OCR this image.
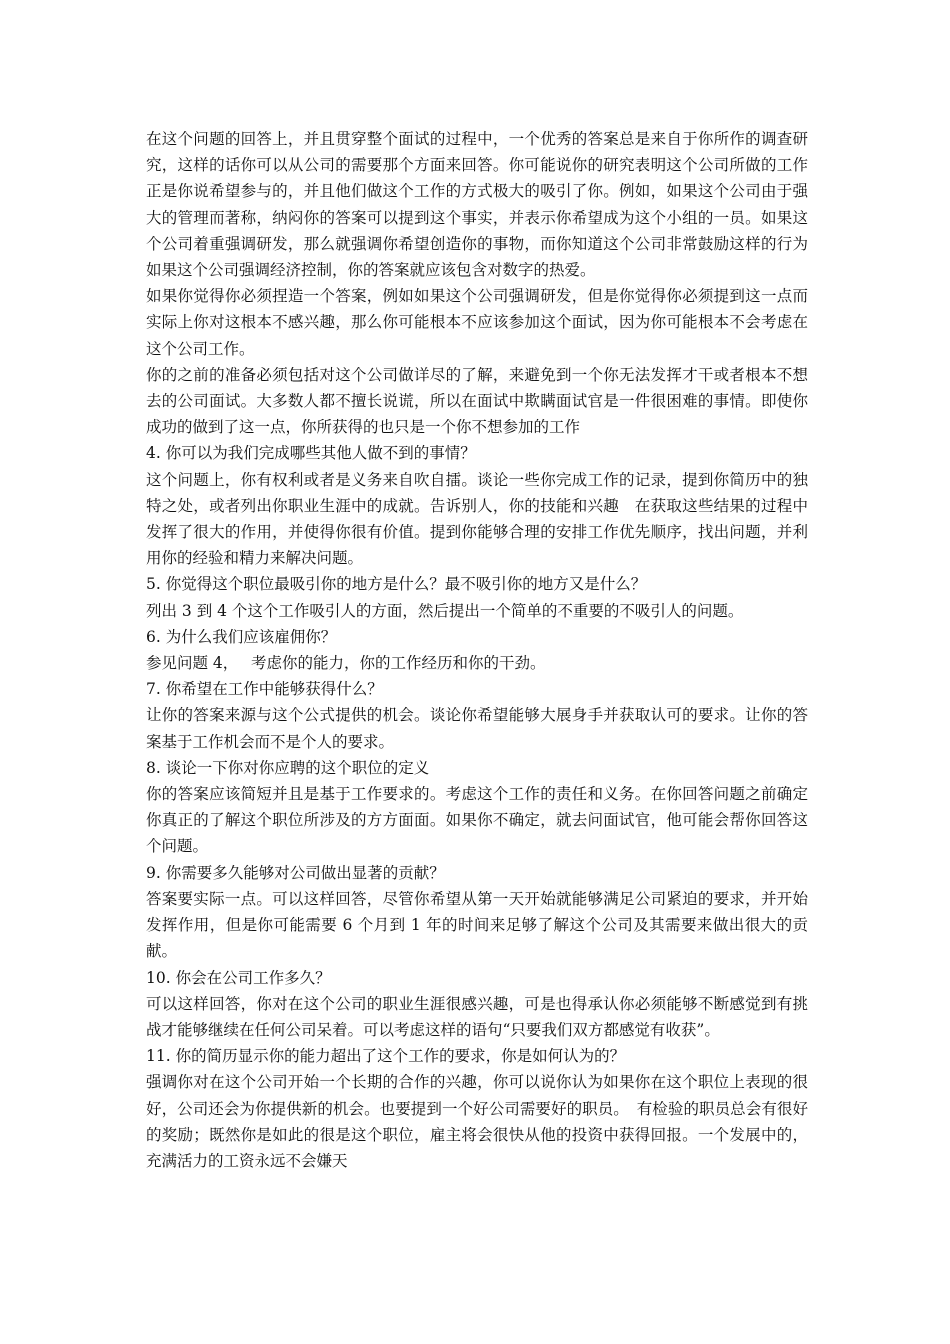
在这个问题的回答上，并且贯穿整个面试的过程中，一个优秀的答案总是来自于你所作的调查研究，这样的话你可以从公司的需要那个方面来回答。你可能说你的研究表明这个公司所做的工作正是你说希望参与的，并且他们做这个工作的方式极大的吸引了你。例如，如果这个公司由于强大的管理而著称，纳闷你的答案可以提到这个事实，并表示你希望成为这个小组的一员。如果这个公司着重强调研发，那么就强调你希望创造你的事物，而你知道这个公司非常鼓励这样的行为如果这个公司强调经济控制，你的答案就应该包含对数字的热爱。

如果你觉得你必须捏造一个答案，例如如果这个公司强调研发，但是你觉得你必须提到这一点而实际上你对这根本不感兴趣，那么你可能根本不应该参加这个面试，因为你可能根本不会考虑在这个公司工作。

你的之前的准备必须包括对这个公司做详尽的了解，来避免到一个你无法发挥才干或者根本不想去的公司面试。大多数人都不擅长说谎，所以在面试中欺瞒面试官是一件很困难的事情。即使你成功的做到了这一点，你所获得的也只是一个你不想参加的工作

4. 你可以为我们完成哪些其他人做不到的事情？

这个问题上，你有权利或者是义务来自吹自擂。谈论一些你完成工作的记录，提到你简历中的独特之处，或者列出你职业生涯中的成就。告诉别人，你的技能和兴趣　在获取这些结果的过程中发挥了很大的作用，并使得你很有价值。提到你能够合理的安排工作优先顺序，找出问题，并利用你的经验和精力来解决问题。

5. 你觉得这个职位最吸引你的地方是什么？最不吸引你的地方又是什么？

列出 3 到 4 个这个工作吸引人的方面，然后提出一个简单的不重要的不吸引人的问题。

6. 为什么我们应该雇佣你？

参见问题 4，　 考虑你的能力，你的工作经历和你的干劲。

7. 你希望在工作中能够获得什么？

让你的答案来源与这个公式提供的机会。谈论你希望能够大展身手并获取认可的要求。让你的答案基于工作机会而不是个人的要求。

8. 谈论一下你对你应聘的这个职位的定义

你的答案应该简短并且是基于工作要求的。考虑这个工作的责任和义务。在你回答问题之前确定你真正的了解这个职位所涉及的方方面面。如果你不确定，就去问面试官，他可能会帮你回答这个问题。

9. 你需要多久能够对公司做出显著的贡献？

答案要实际一点。可以这样回答，尽管你希望从第一天开始就能够满足公司紧迫的要求，并开始发挥作用，但是你可能需要 6 个月到 1 年的时间来足够了解这个公司及其需要来做出很大的贡献。

10. 你会在公司工作多久？

可以这样回答，你对在这个公司的职业生涯很感兴趣，可是也得承认你必须能够不断感觉到有挑战才能够继续在任何公司呆着。可以考虑这样的语句“只要我们双方都感觉有收获”。

11. 你的简历显示你的能力超出了这个工作的要求，你是如何认为的？

强调你对在这个公司开始一个长期的合作的兴趣，你可以说你认为如果你在这个职位上表现的很好，公司还会为你提供新的机会。也要提到一个好公司需要好的职员。　有检验的职员总会有很好的奖励；既然你是如此的很是这个职位，雇主将会很快从他的投资中获得回报。一个发展中的，充满活力的工资永远不会嫌天
